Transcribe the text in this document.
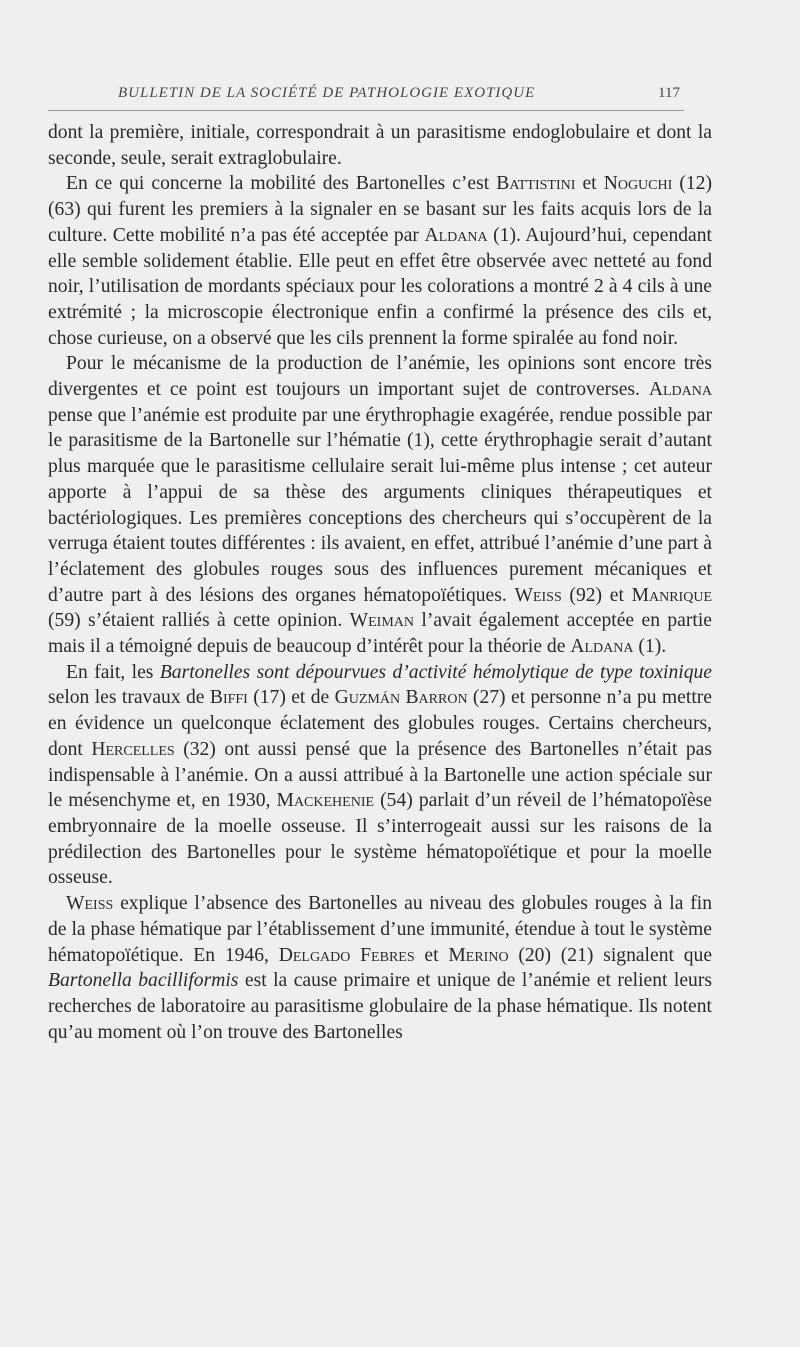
BULLETIN DE LA SOCIÉTÉ DE PATHOLOGIE EXOTIQUE	117

dont la première, initiale, correspondrait à un parasitisme endoglobulaire et dont la seconde, seule, serait extraglobulaire.

En ce qui concerne la mobilité des Bartonelles c’est Battistini et Noguchi (12) (63) qui furent les premiers à la signaler en se basant sur les faits acquis lors de la culture. Cette mobilité n’a pas été acceptée par Aldana (1). Aujourd’hui, cependant elle semble solidement établie. Elle peut en effet être observée avec netteté au fond noir, l’utilisation de mordants spéciaux pour les colorations a montré 2 à 4 cils à une extrémité ; la microscopie électronique enfin a confirmé la présence des cils et, chose curieuse, on a observé que les cils prennent la forme spiralée au fond noir.

Pour le mécanisme de la production de l’anémie, les opinions sont encore très divergentes et ce point est toujours un important sujet de controverses. Aldana pense que l’anémie est produite par une érythrophagie exagérée, rendue possible par le parasitisme de la Bartonelle sur l’hématie (1), cette érythrophagie serait d’autant plus marquée que le parasitisme cellulaire serait lui-même plus intense ; cet auteur apporte à l’appui de sa thèse des arguments cliniques thérapeutiques et bactériologiques. Les premières conceptions des chercheurs qui s’occupèrent de la verruga étaient toutes différentes : ils avaient, en effet, attribué l’anémie d’une part à l’éclatement des globules rouges sous des influences purement mécaniques et d’autre part à des lésions des organes hématopoïétiques. Weiss (92) et Manrique (59) s’étaient ralliés à cette opinion. Weiman l’avait également acceptée en partie mais il a témoigné depuis de beaucoup d’intérêt pour la théorie de Aldana (1).

En fait, les Bartonelles sont dépourvues d’activité hémolytique de type toxinique selon les travaux de Biffi (17) et de Guzmán Barron (27) et personne n’a pu mettre en évidence un quelconque éclatement des globules rouges. Certains chercheurs, dont Hercelles (32) ont aussi pensé que la présence des Bartonelles n’était pas indispensable à l’anémie. On a aussi attribué à la Bartonelle une action spéciale sur le mésenchyme et, en 1930, Mackehenie (54) parlait d’un réveil de l’hématopoïèse embryonnaire de la moelle osseuse. Il s’interrogeait aussi sur les raisons de la prédilection des Bartonelles pour le système hématopoïétique et pour la moelle osseuse.

Weiss explique l’absence des Bartonelles au niveau des globules rouges à la fin de la phase hématique par l’établissement d’une immunité, étendue à tout le système hématopoïétique. En 1946, Delgado Febres et Merino (20) (21) signalent que Bartonella bacilliformis est la cause primaire et unique de l’anémie et relient leurs recherches de laboratoire au parasitisme globulaire de la phase hématique. Ils notent qu’au moment où l’on trouve des Bartonelles
